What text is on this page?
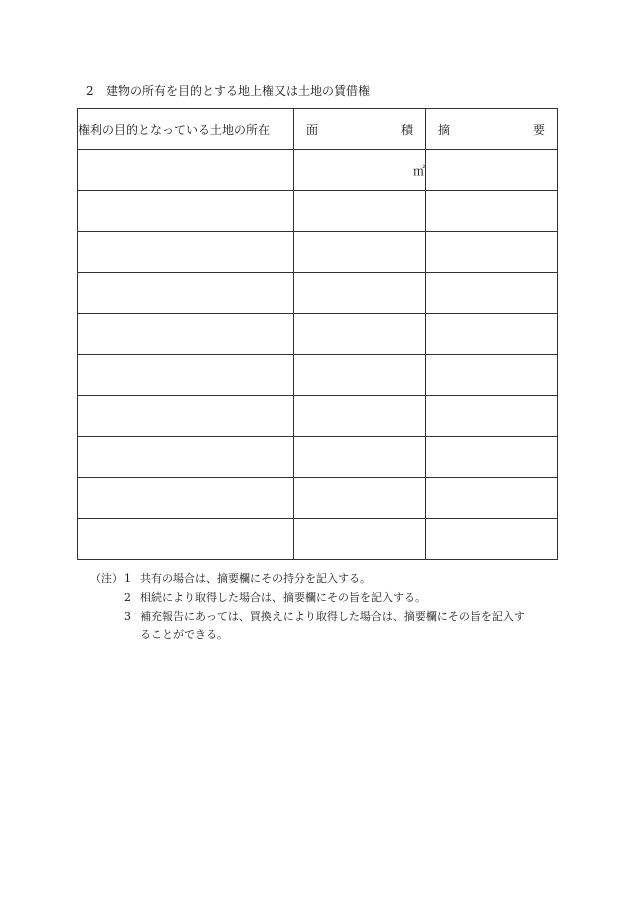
2 建物の所有を目的とする地上権又は土地の賃借権
権利の目的となっている土地の所在	面 積	摘 要

	㎡	

（注） 1 共有の場合は、摘要欄にその持分を記入する。
2 相続により取得した場合は、摘要欄にその旨を記入する。
3 補充報告にあっては、買換えにより取得した場合は、摘要欄にその旨を記入す
ることができる。
